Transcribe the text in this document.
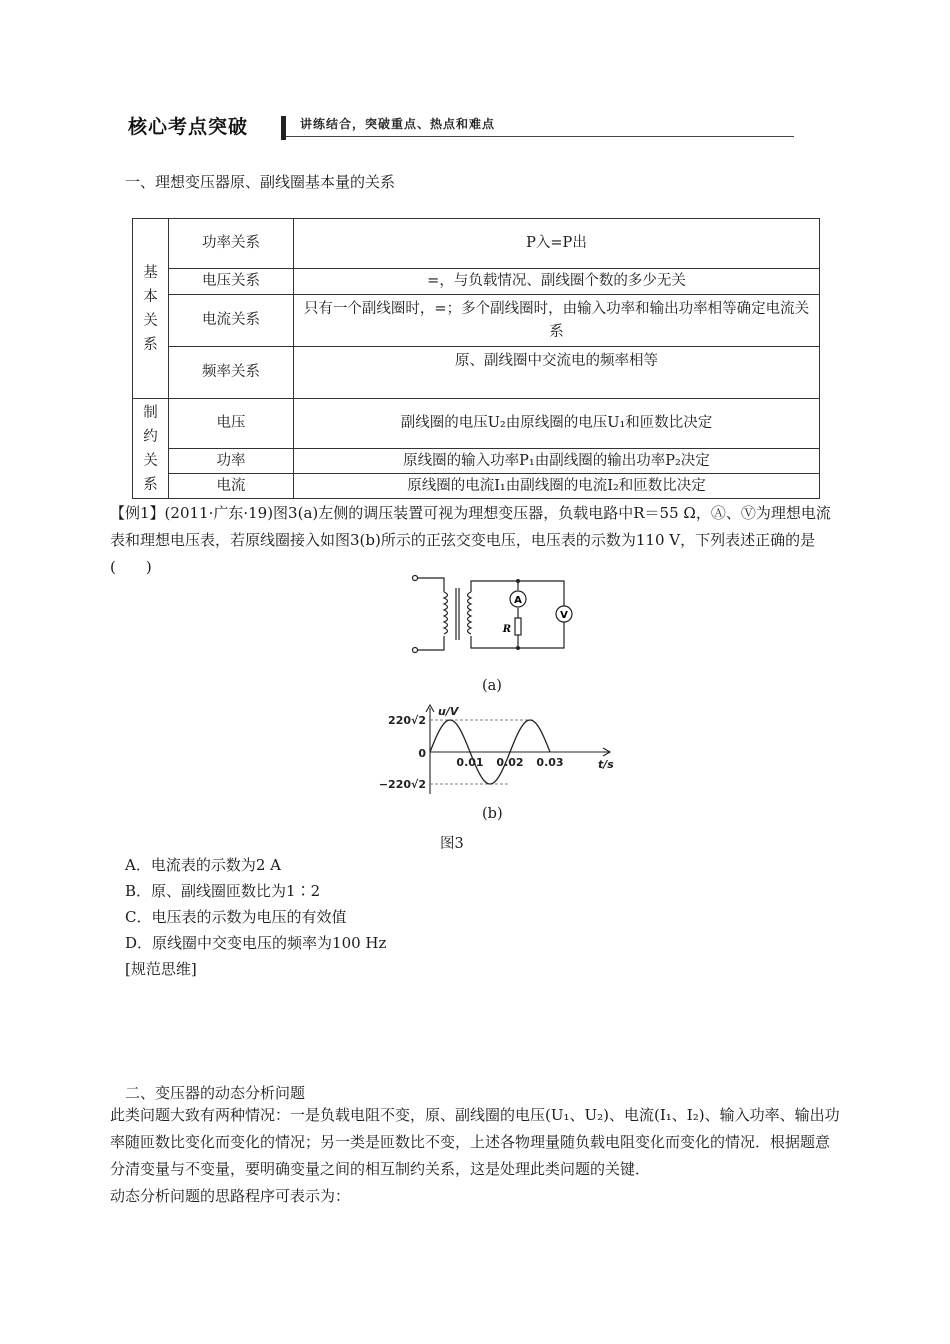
核心考点突破	讲练结合，突破重点、热点和难点
一、理想变压器原、副线圈基本量的关系
基本关系	功率关系	P入=P出
	电压关系	=，与负载情况、副线圈个数的多少无关
	电流关系	只有一个副线圈时，=；多个副线圈时，由输入功率和输出功率相等确定电流关系
	频率关系	原、副线圈中交流电的频率相等

制约关系	电压	副线圈的电压U₂由原线圈的电压U₁和匝数比决定
	功率	原线圈的输入功率P₁由副线圈的输出功率P₂决定
	电流	原线圈的电流I₁由副线圈的电流I₂和匝数比决定

【例1】(2011·广东·19)图3(a)左侧的调压装置可视为理想变压器，负载电路中R＝55 Ω，Ⓐ、Ⓥ为理想电流表和理想电压表，若原线圈接入如图3(b)所示的正弦交变电压，电压表的示数为110 V，下列表述正确的是(　　)

A
V
R
(a)
u/V
t/s
220√2
−220√2
0
0.01 0.02 0.03
(b)
图3
A．电流表的示数为2 A
B．原、副线圈匝数比为1∶2
C．电压表的示数为电压的有效值
D．原线圈中交变电压的频率为100 Hz
[规范思维]
二、变压器的动态分析问题

此类问题大致有两种情况：一是负载电阻不变，原、副线圈的电压(U₁、U₂)、电流(I₁、I₂)、输入功率、输出功率随匝数比变化而变化的情况；另一类是匝数比不变，上述各物理量随负载电阻变化而变化的情况．根据题意分清变量与不变量，要明确变量之间的相互制约关系，这是处理此类问题的关键．

动态分析问题的思路程序可表示为：
